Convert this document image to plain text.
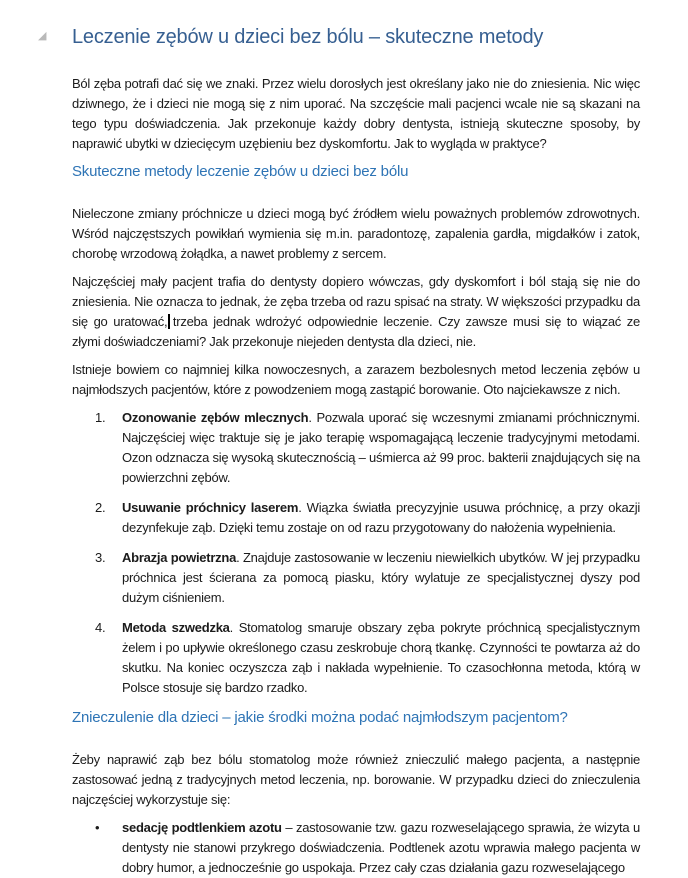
◢ Leczenie zębów u dzieci bez bólu – skuteczne metody

Ból zęba potrafi dać się we znaki. Przez wielu dorosłych jest określany jako nie do zniesienia. Nic więc dziwnego, że i dzieci nie mogą się z nim uporać. Na szczęście mali pacjenci wcale nie są skazani na tego typu doświadczenia. Jak przekonuje każdy dobry dentysta, istnieją skuteczne sposoby, by naprawić ubytki w dziecięcym uzębieniu bez dyskomfortu. Jak to wygląda w praktyce?

Skuteczne metody leczenie zębów u dzieci bez bólu

Nieleczone zmiany próchnicze u dzieci mogą być źródłem wielu poważnych problemów zdrowotnych. Wśród najczęstszych powikłań wymienia się m.in. paradontozę, zapalenia gardła, migdałków i zatok, chorobę wrzodową żołądka, a nawet problemy z sercem.

Najczęściej mały pacjent trafia do dentysty dopiero wówczas, gdy dyskomfort i ból stają się nie do zniesienia. Nie oznacza to jednak, że zęba trzeba od razu spisać na straty. W większości przypadku da się go uratować, trzeba jednak wdrożyć odpowiednie leczenie. Czy zawsze musi się to wiązać ze złymi doświadczeniami? Jak przekonuje niejeden dentysta dla dzieci, nie.

Istnieje bowiem co najmniej kilka nowoczesnych, a zarazem bezbolesnych metod leczenia zębów u najmłodszych pacjentów, które z powodzeniem mogą zastąpić borowanie. Oto najciekawsze z nich.

1.	Ozonowanie zębów mlecznych. Pozwala uporać się wczesnymi zmianami próchnicznymi. Najczęściej więc traktuje się je jako terapię wspomagającą leczenie tradycyjnymi metodami. Ozon odznacza się wysoką skutecznością – uśmierca aż 99 proc. bakterii znajdujących się na powierzchni zębów.
2.	Usuwanie próchnicy laserem. Wiązka światła precyzyjnie usuwa próchnicę, a przy okazji dezynfekuje ząb. Dzięki temu zostaje on od razu przygotowany do nałożenia wypełnienia.
3.	Abrazja powietrzna. Znajduje zastosowanie w leczeniu niewielkich ubytków. W jej przypadku próchnica jest ścierana za pomocą piasku, który wylatuje ze specjalistycznej dyszy pod dużym ciśnieniem.
4.	Metoda szwedzka. Stomatolog smaruje obszary zęba pokryte próchnicą specjalistycznym żelem i po upływie określonego czasu zeskrobuje chorą tkankę. Czynności te powtarza aż do skutku. Na koniec oczyszcza ząb i nakłada wypełnienie. To czasochłonna metoda, którą w Polsce stosuje się bardzo rzadko.
Znieczulenie dla dzieci – jakie środki można podać najmłodszym pacjentom?

Żeby naprawić ząb bez bólu stomatolog może również znieczulić małego pacjenta, a następnie zastosować jedną z tradycyjnych metod leczenia, np. borowanie. W przypadku dzieci do znieczulenia najczęściej wykorzystuje się:

•	sedację podtlenkiem azotu – zastosowanie tzw. gazu rozweselającego sprawia, że wizyta u dentysty nie stanowi przykrego doświadczenia. Podtlenek azotu wprawia małego pacjenta w dobry humor, a jednocześnie go uspokaja. Przez cały czas działania gazu rozweselającego
